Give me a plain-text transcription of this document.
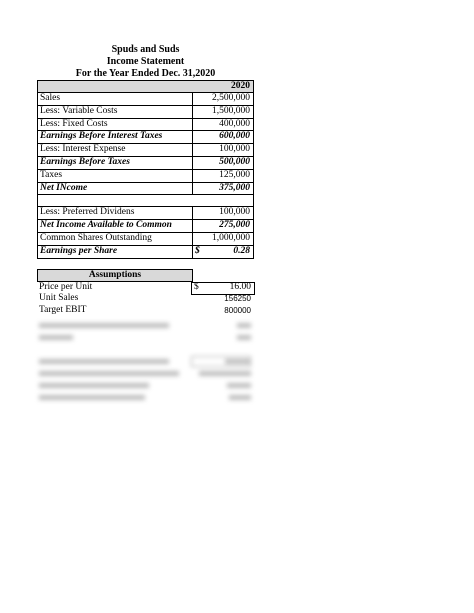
Spuds and Suds
Income Statement
For the Year Ended Dec. 31,2020
2020
Sales	2,500,000
Less: Variable Costs	1,500,000
Less: Fixed Costs	400,000
Earnings Before Interest Taxes	600,000
Less: Interest Expense	100,000
Earnings Before Taxes	500,000
Taxes	125,000
Net INcome	375,000
Less: Preferred Dividens	100,000
Net Income Available to Common	275,000
Common Shares Outstanding	1,000,000
Earnings per Share	$	0.28
Assumptions
Price per Unit	$	16.00
Unit Sales	156250
Target EBIT	800000
